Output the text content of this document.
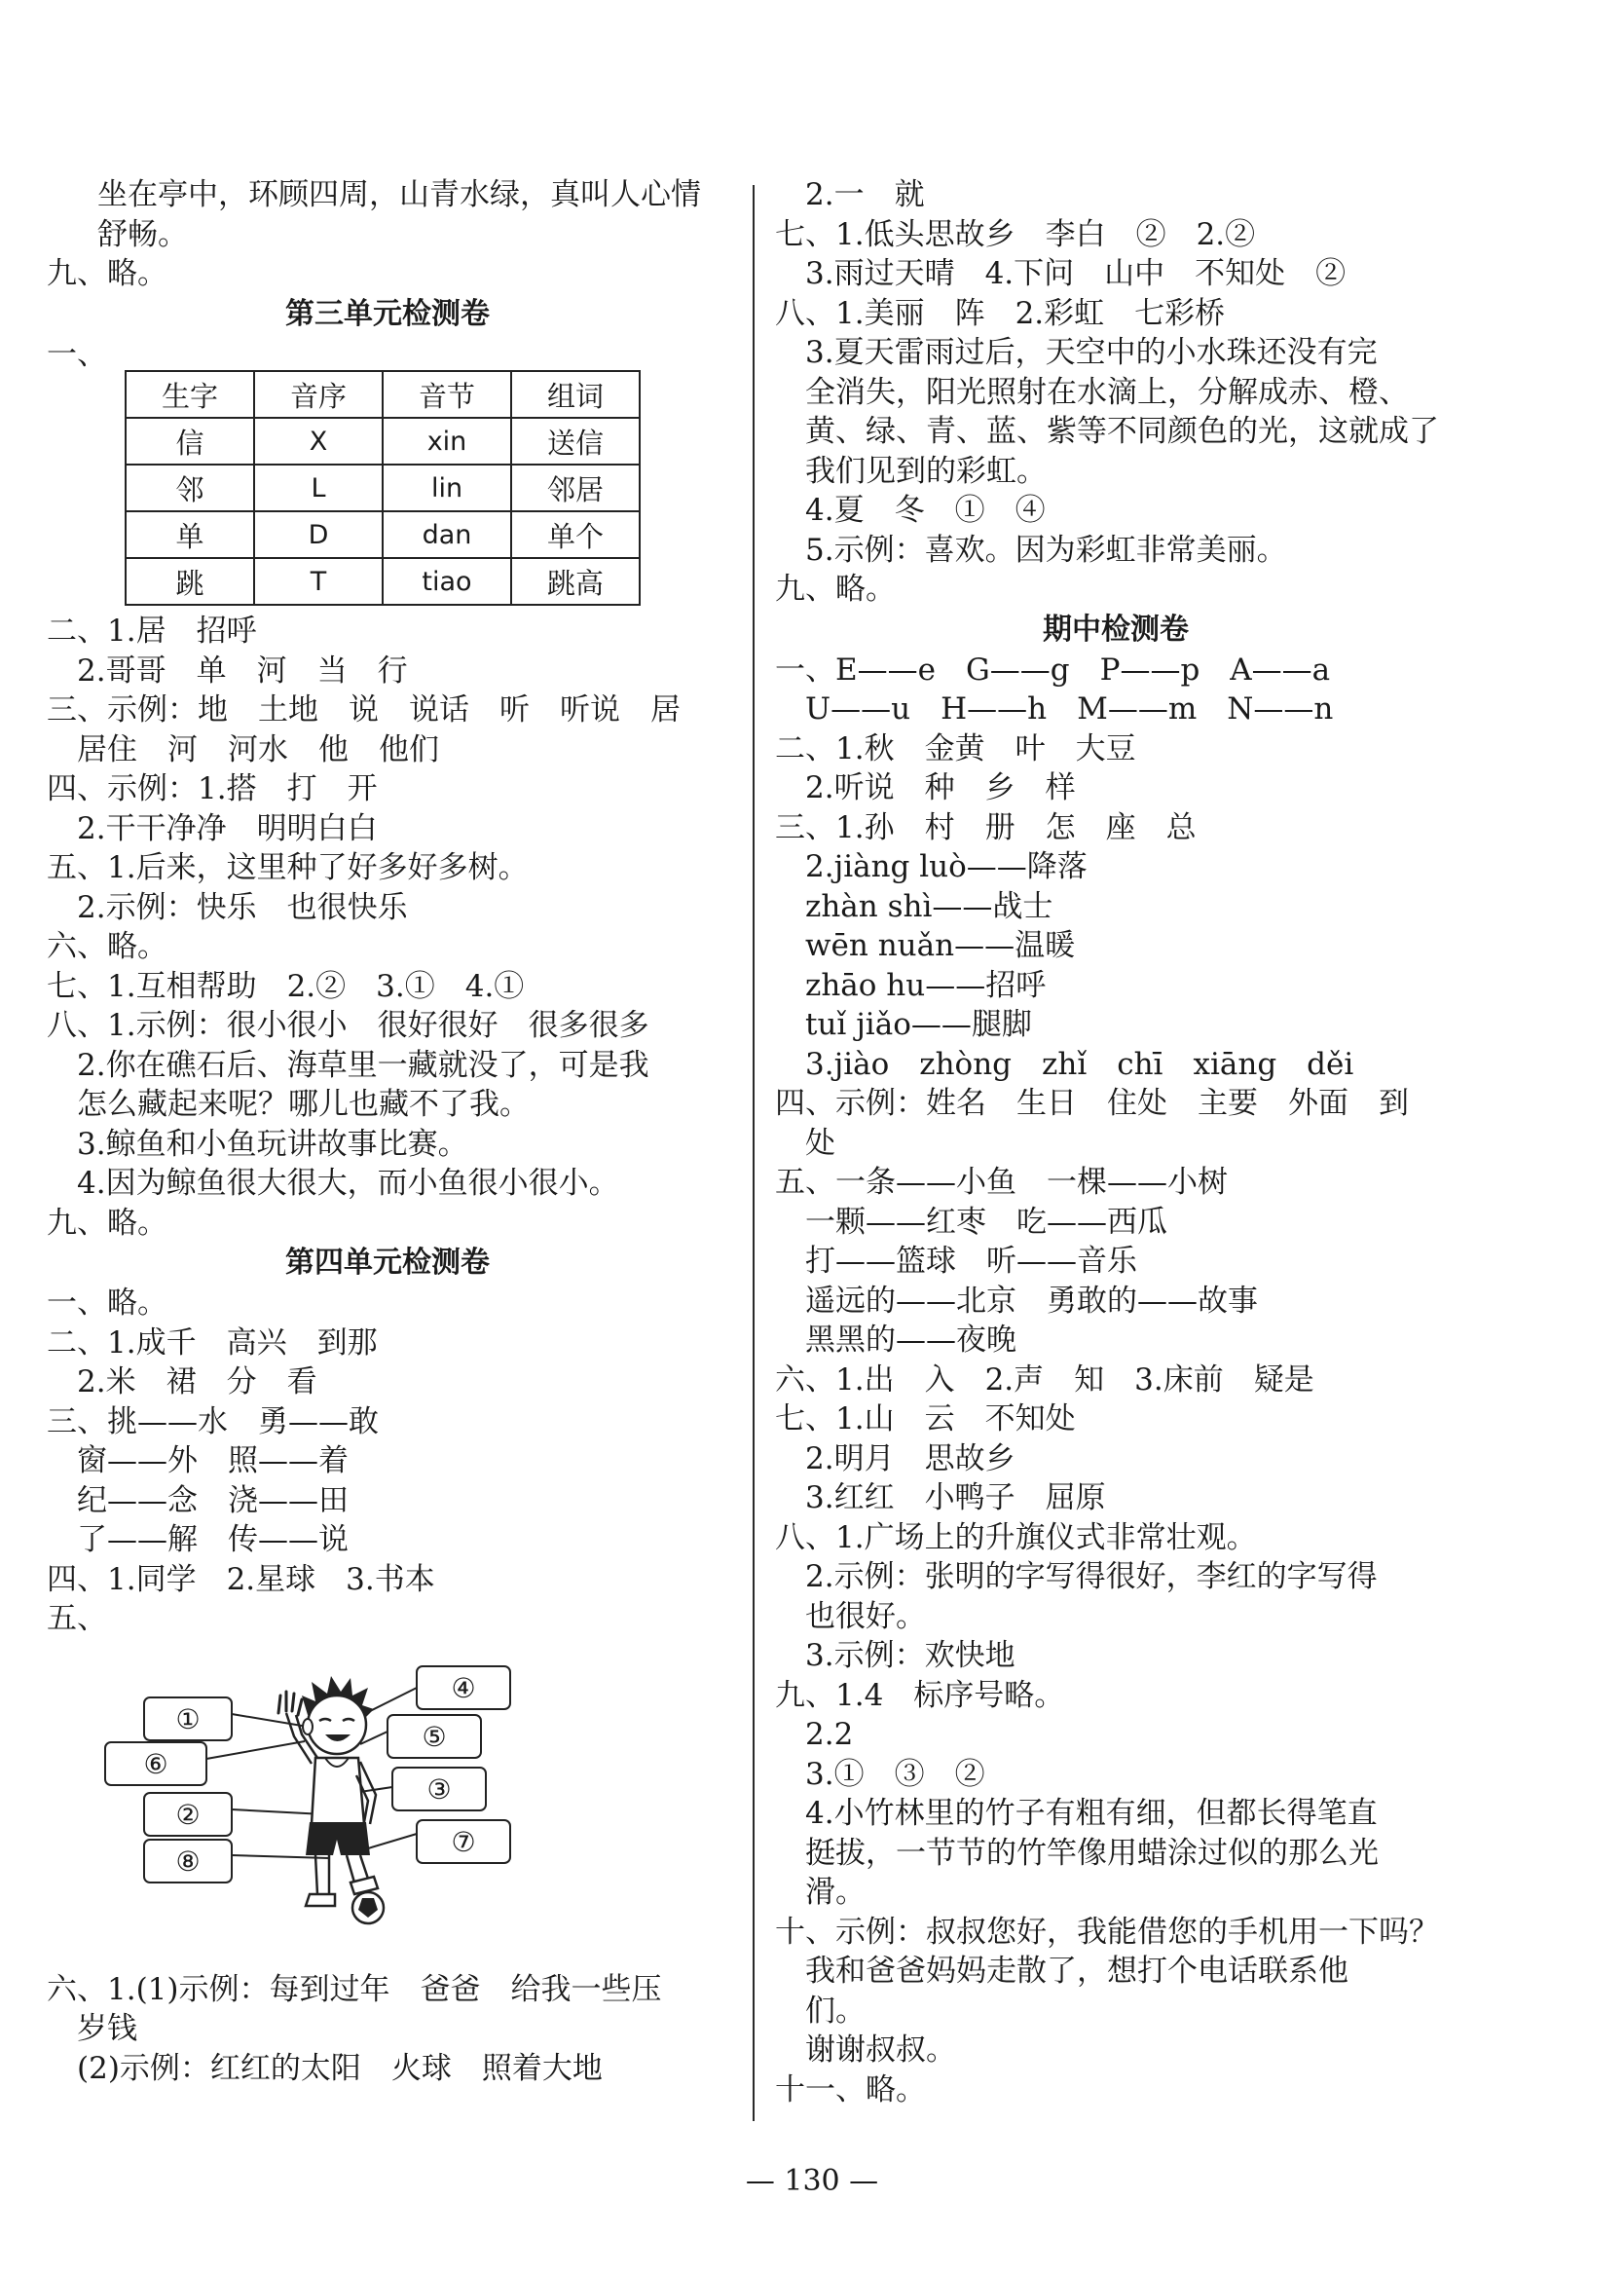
坐在亭中，环顾四周，山青水绿，真叫人心情
舒畅。
九、略。
第三单元检测卷
一、
生字	音序	音节	组词
信	X	xin	送信
邻	L	lin	邻居
单	D	dan	单个
跳	T	tiao	跳高
二、1.居　招呼
　2.哥哥　单　河　当　行
三、示例：地　土地　说　说话　听　听说　居
　居住　河　河水　他　他们
四、示例：1.搭　打　开
　2.干干净净　明明白白
五、1.后来，这里种了好多好多树。
　2.示例：快乐　也很快乐
六、略。
七、1.互相帮助　2.②　3.①　4.①
八、1.示例：很小很小　很好很好　很多很多
　2.你在礁石后、海草里一藏就没了，可是我
　怎么藏起来呢？哪儿也藏不了我。
　3.鲸鱼和小鱼玩讲故事比赛。
　4.因为鲸鱼很大很大，而小鱼很小很小。
九、略。
第四单元检测卷
一、略。
二、1.成千　高兴　到那
　2.米　裙　分　看
三、挑——水　勇——敢
　窗——外　照——着
　纪——念　浇——田
　了——解　传——说
四、1.同学　2.星球　3.书本
五、
①
⑥
②
⑧
④
⑤
③
⑦
六、1.(1)示例：每到过年　爸爸　给我一些压
　岁钱
　(2)示例：红红的太阳　火球　照着大地
　2.一　就
七、1.低头思故乡　李白　②　2.②
　3.雨过天晴　4.下问　山中　不知处　②
八、1.美丽　阵　2.彩虹　七彩桥
　3.夏天雷雨过后，天空中的小水珠还没有完
　全消失，阳光照射在水滴上，分解成赤、橙、
　黄、绿、青、蓝、紫等不同颜色的光，这就成了
　我们见到的彩虹。
　4.夏　冬　①　④
　5.示例：喜欢。因为彩虹非常美丽。
九、略。
期中检测卷
一、E——e　G——g　P——p　A——a
　U——u　H——h　M——m　N——n
二、1.秋　金黄　叶　大豆
　2.听说　种　乡　样
三、1.孙　村　册　怎　座　总
　2.jiàng luò——降落
　zhàn shì——战士
　wēn nuǎn——温暖
　zhāo hu——招呼
　tuǐ jiǎo——腿脚
　3.jiào　zhòng　zhǐ　chī　xiāng　děi
四、示例：姓名　生日　住处　主要　外面　到
　处
五、一条——小鱼　一棵——小树
　一颗——红枣　吃——西瓜
　打——篮球　听——音乐
　遥远的——北京　勇敢的——故事
　黑黑的——夜晚
六、1.出　入　2.声　知　3.床前　疑是
七、1.山　云　不知处
　2.明月　思故乡
　3.红红　小鸭子　屈原
八、1.广场上的升旗仪式非常壮观。
　2.示例：张明的字写得很好，李红的字写得
　也很好。
　3.示例：欢快地
九、1.4　标序号略。
　2.2
　3.①　③　②
　4.小竹林里的竹子有粗有细，但都长得笔直
　挺拔，一节节的竹竿像用蜡涂过似的那么光
　滑。
十、示例：叔叔您好，我能借您的手机用一下吗？
　我和爸爸妈妈走散了，想打个电话联系他
　们。
　谢谢叔叔。
十一、略。
— 130 —
